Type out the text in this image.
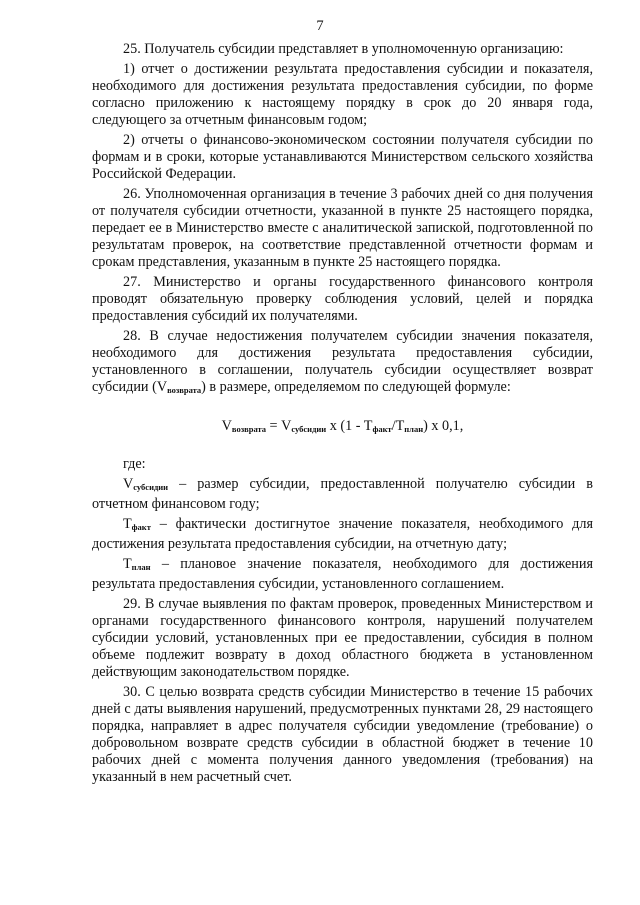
7

25. Получатель субсидии представляет в уполномоченную организацию:

1) отчет о достижении результата предоставления субсидии и показателя, необходимого для достижения результата предоставления субсидии, по форме согласно приложению к настоящему порядку в срок до 20 января года, следующего за отчетным финансовым годом;

2) отчеты о финансово-экономическом состоянии получателя субсидии по формам и в сроки, которые устанавливаются Министерством сельского хозяйства Российской Федерации.

26. Уполномоченная организация в течение 3 рабочих дней со дня получения от получателя субсидии отчетности, указанной в пункте 25 настоящего порядка, передает ее в Министерство вместе с аналитической запиской, подготовленной по результатам проверок, на соответствие представленной отчетности формам и срокам представления, указанным в пункте 25 настоящего порядка.

27. Министерство и органы государственного финансового контроля проводят обязательную проверку соблюдения условий, целей и порядка предоставления субсидий их получателями.

28. В случае недостижения получателем субсидии значения показателя, необходимого для достижения результата предоставления субсидии, установленного в соглашении, получатель субсидии осуществляет возврат субсидии $(V_{возврата})$ в размере, определяемом по следующей формуле:

$V_{возврата} = V_{субсидии}$ x $(1 - T_{факт}/T_{план})$ x 0,1,

где:

$V_{субсидии}$ – размер субсидии, предоставленной получателю субсидии в отчетном финансовом году;

$T_{факт}$ – фактически достигнутое значение показателя, необходимого для достижения результата предоставления субсидии, на отчетную дату;

$T_{план}$ – плановое значение показателя, необходимого для достижения результата предоставления субсидии, установленного соглашением.

29. В случае выявления по фактам проверок, проведенных Министерством и органами государственного финансового контроля, нарушений получателем субсидии условий, установленных при ее предоставлении, субсидия в полном объеме подлежит возврату в доход областного бюджета в установленном действующим законодательством порядке.

30. С целью возврата средств субсидии Министерство в течение 15 рабочих дней с даты выявления нарушений, предусмотренных пунктами 28, 29 настоящего порядка, направляет в адрес получателя субсидии уведомление (требование) о добровольном возврате средств субсидии в областной бюджет в течение 10 рабочих дней с момента получения данного уведомления (требования) на указанный в нем расчетный счет.
